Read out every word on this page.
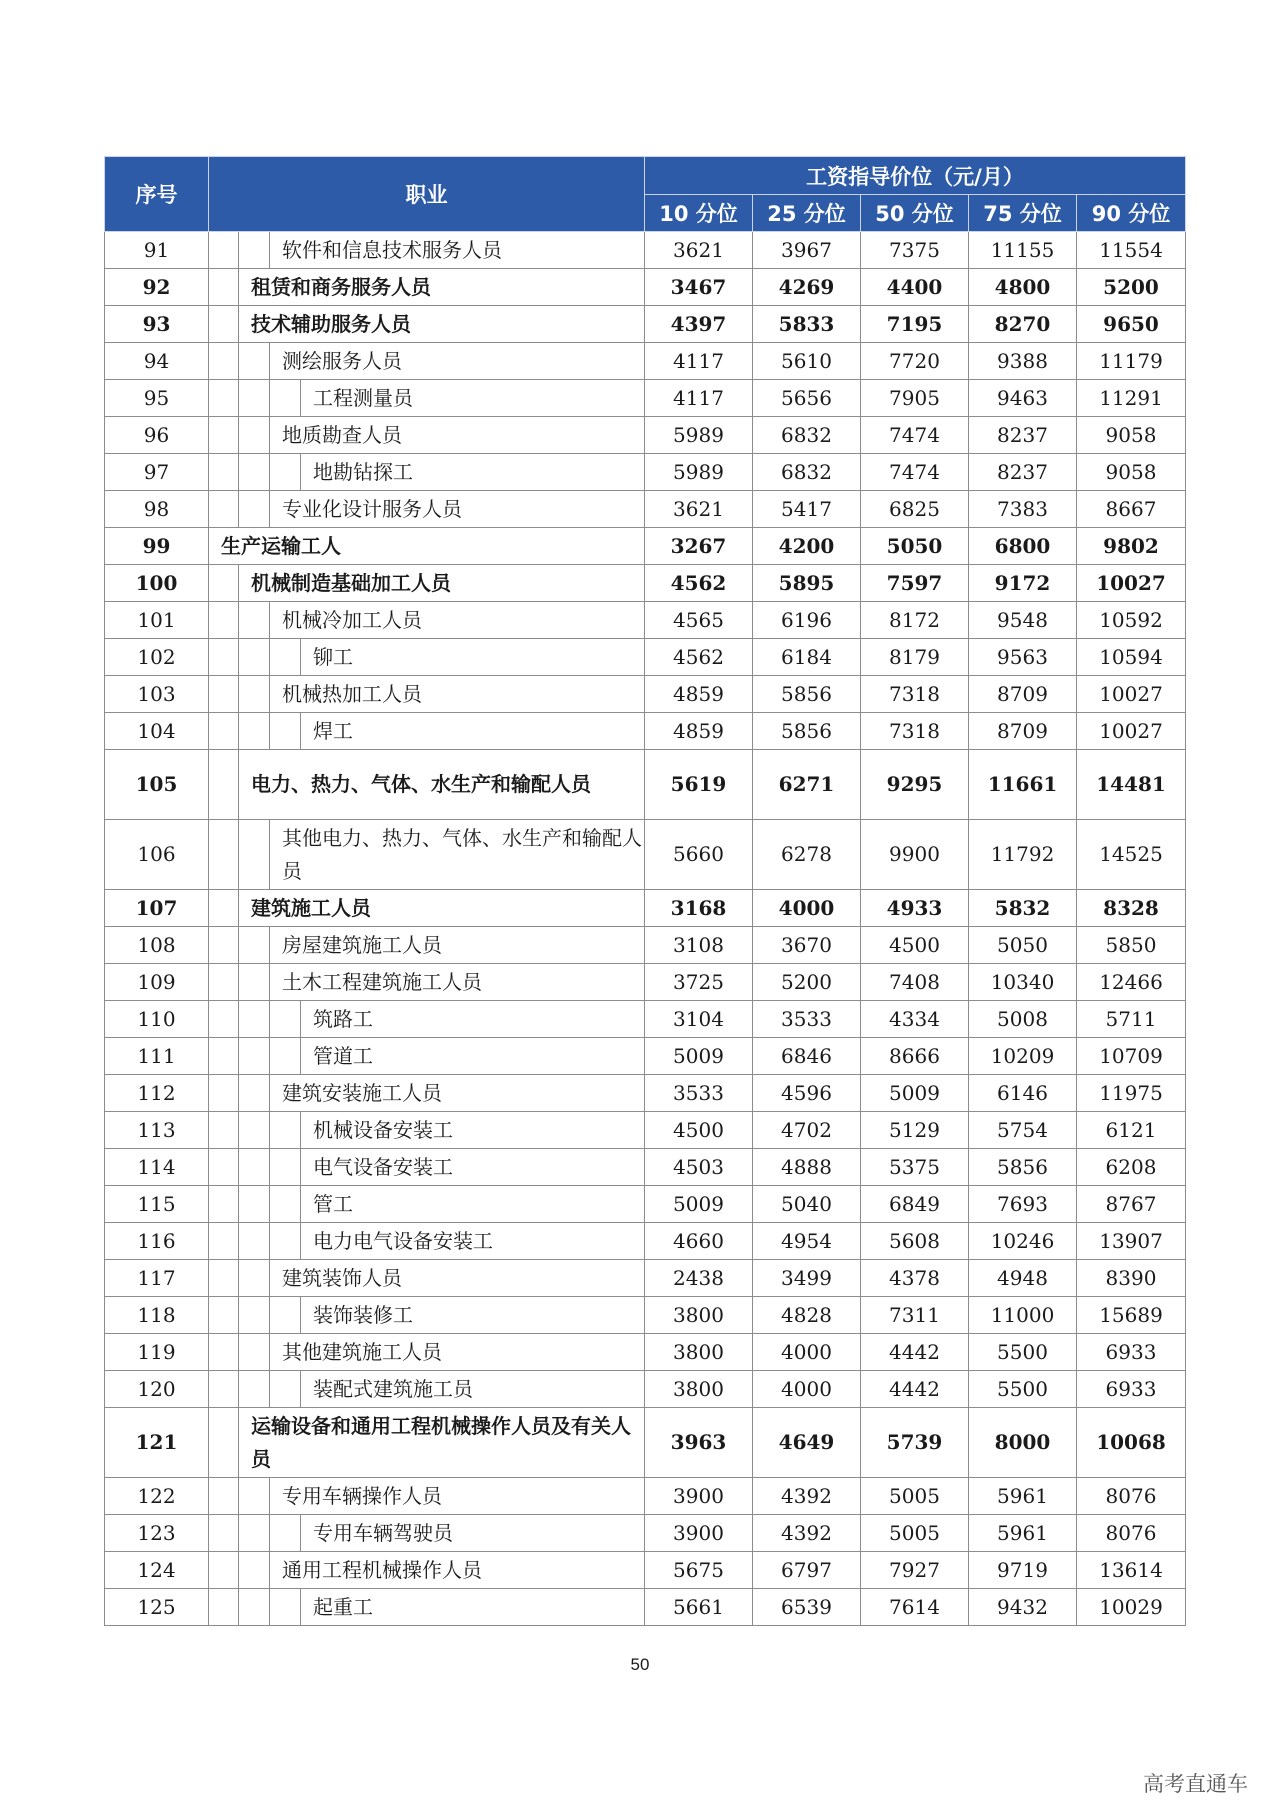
序号	职业				工资指导价位（元/月）				
					10 分位	25 分位	50 分位	75 分位	90 分位
91			软件和信息技术服务人员		3621	3967	7375	11155	11554
92		租赁和商务服务人员			3467	4269	4400	4800	5200
93		技术辅助服务人员			4397	5833	7195	8270	9650
94			测绘服务人员		4117	5610	7720	9388	11179
95				工程测量员	4117	5656	7905	9463	11291
96			地质勘查人员		5989	6832	7474	8237	9058
97				地勘钻探工	5989	6832	7474	8237	9058
98			专业化设计服务人员		3621	5417	6825	7383	8667
99	生产运输工人				3267	4200	5050	6800	9802
100		机械制造基础加工人员			4562	5895	7597	9172	10027
101			机械冷加工人员		4565	6196	8172	9548	10592
102				铆工	4562	6184	8179	9563	10594
103			机械热加工人员		4859	5856	7318	8709	10027
104				焊工	4859	5856	7318	8709	10027
105		电力、热力、气体、水生产和输配人员			5619	6271	9295	11661	14481
106			其他电力、热力、气体、水生产和输配人员		5660	6278	9900	11792	14525
107		建筑施工人员			3168	4000	4933	5832	8328
108			房屋建筑施工人员		3108	3670	4500	5050	5850
109			土木工程建筑施工人员		3725	5200	7408	10340	12466
110				筑路工	3104	3533	4334	5008	5711
111				管道工	5009	6846	8666	10209	10709
112			建筑安装施工人员		3533	4596	5009	6146	11975
113				机械设备安装工	4500	4702	5129	5754	6121
114				电气设备安装工	4503	4888	5375	5856	6208
115				管工	5009	5040	6849	7693	8767
116				电力电气设备安装工	4660	4954	5608	10246	13907
117			建筑装饰人员		2438	3499	4378	4948	8390
118				装饰装修工	3800	4828	7311	11000	15689
119			其他建筑施工人员		3800	4000	4442	5500	6933
120				装配式建筑施工员	3800	4000	4442	5500	6933
121		运输设备和通用工程机械操作人员及有关人员			3963	4649	5739	8000	10068
122			专用车辆操作人员		3900	4392	5005	5961	8076
123				专用车辆驾驶员	3900	4392	5005	5961	8076
124			通用工程机械操作人员		5675	6797	7927	9719	13614
125				起重工	5661	6539	7614	9432	10029
50
高考直通车
